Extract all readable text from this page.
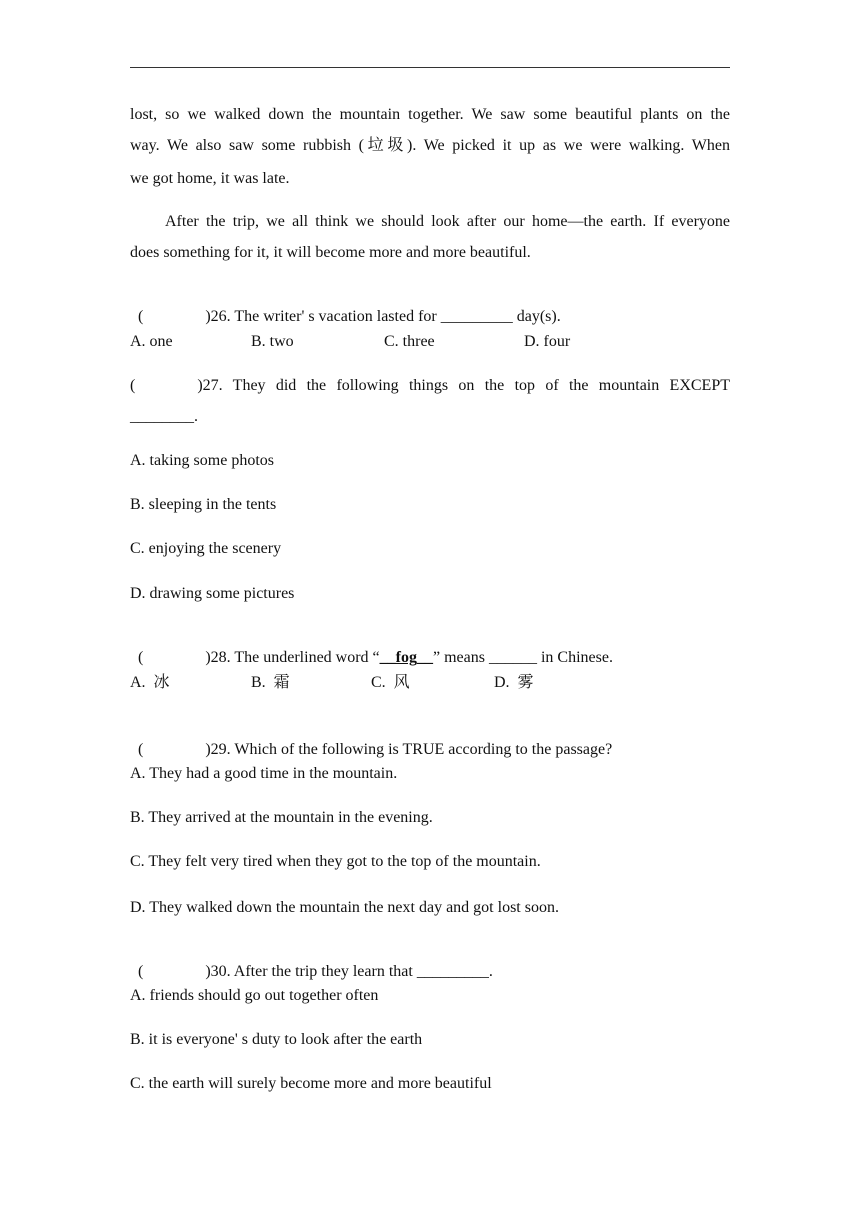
lost, so we walked down the mountain together. We saw some beautiful plants on the
way. We also saw some rubbish (垃圾). We picked it up as we were walking. When
we got home, it was late.
After the trip, we all think we should look after our home—the earth. If everyone
does something for it, it will become more and more beautiful.

(	)26. The writer' s vacation lasted for _________ day(s).

A. one	B. two	C. three	D. four
(	)27. They did the following things on the top of the mountain EXCEPT
________.
A. taking some photos
B. sleeping in the tents
C. enjoying the scenery
D. drawing some pictures

(	)28. The underlined word “__fog__” means ______ in Chinese.

A.  冰	B.  霜	C.  风	D.  雾

(	)29. Which of the following is TRUE according to the passage?

A. They had a good time in the mountain.
B. They arrived at the mountain in the evening.
C. They felt very tired when they got to the top of the mountain.
D. They walked down the mountain the next day and got lost soon.

(	)30. After the trip they learn that _________.

A. friends should go out together often
B. it is everyone' s duty to look after the earth
C. the earth will surely become more and more beautiful
